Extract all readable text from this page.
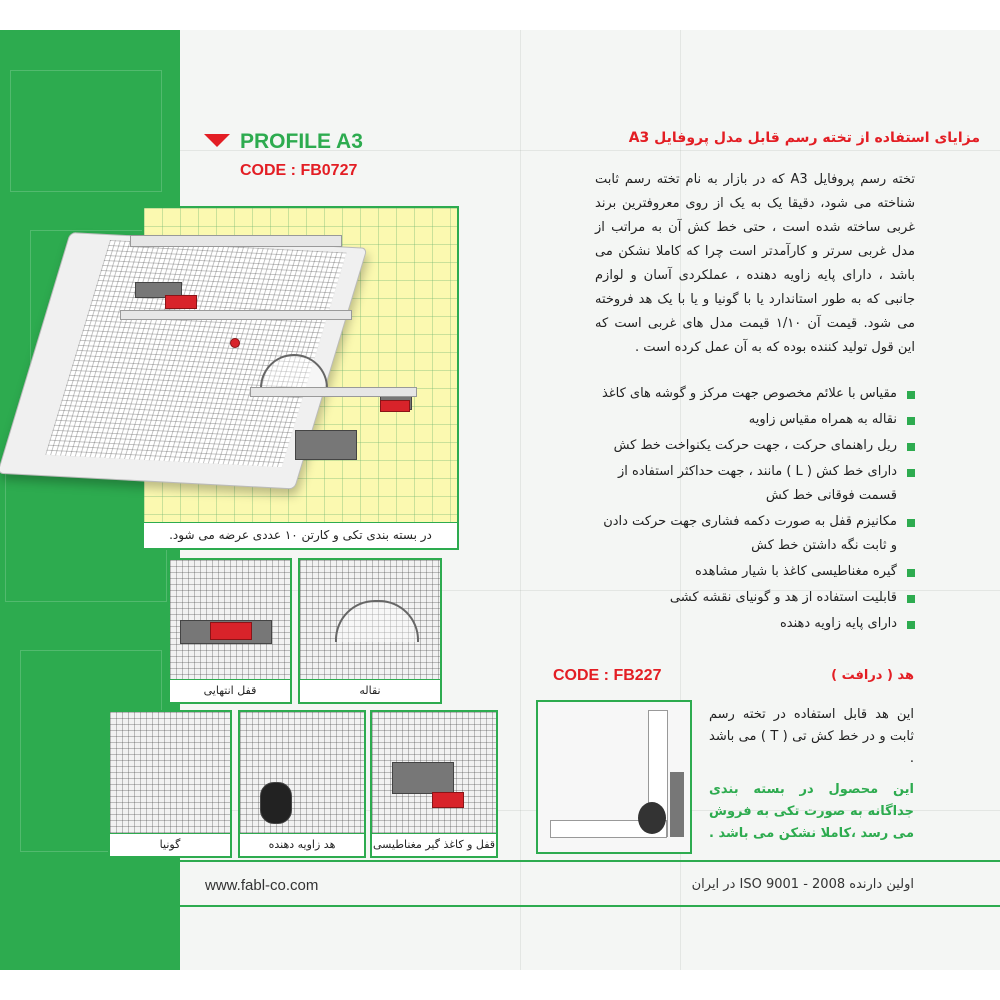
PROFILE A3
CODE : FB0727
در بسته بندی تکی و کارتن ۱۰ عددی عرضه می شود.
قفل انتهایی	نقاله
گونیا	هد زاویه دهنده	قفل و کاغذ گیر مغناطیسی
مزایای استفاده از تخته رسم قابل مدل پروفایل A3
تخته رسم پروفایل A3 که در بازار به نام تخته رسم ثابت شناخته می شود، دقیقا یک به یک از روی معروفترین برند غربی ساخته شده است ، حتی خط کش آن به مراتب از مدل غربی سرتر و کارآمدتر است چرا که کاملا نشکن می باشد ، دارای پایه زاویه دهنده ، عملکردی آسان و لوازم جانبی که به طور استاندارد یا با گونیا و یا با یک هد فروخته می شود. قیمت آن ۱/۱۰ قیمت مدل های غربی است که این قول تولید کننده بوده که به آن عمل کرده است .
مقیاس با علائم مخصوص جهت مرکز و گوشه های کاغذ
نقاله به همراه مقیاس زاویه
ریل راهنمای حرکت ، جهت حرکت یکنواخت خط کش
دارای خط کش ( L ) مانند ، جهت حداکثر استفاده از قسمت فوقانی خط کش
مکانیزم قفل به صورت دکمه فشاری جهت حرکت دادن و ثابت نگه داشتن خط کش
گیره مغناطیسی کاغذ با شیار مشاهده
قابلیت استفاده از هد و گونیای نقشه کشی
دارای پایه زاویه دهنده
CODE : FB227	هد ( درافت )
این هد قابل استفاده در تخته رسم ثابت و در خط کش تی ( T ) می باشد .
این محصول در بسته بندی جداگانه به صورت تکی به فروش می رسد ،کاملا نشکن می باشد .
www.fabl-co.com	اولین دارنده 2008 - ISO 9001 در ایران
